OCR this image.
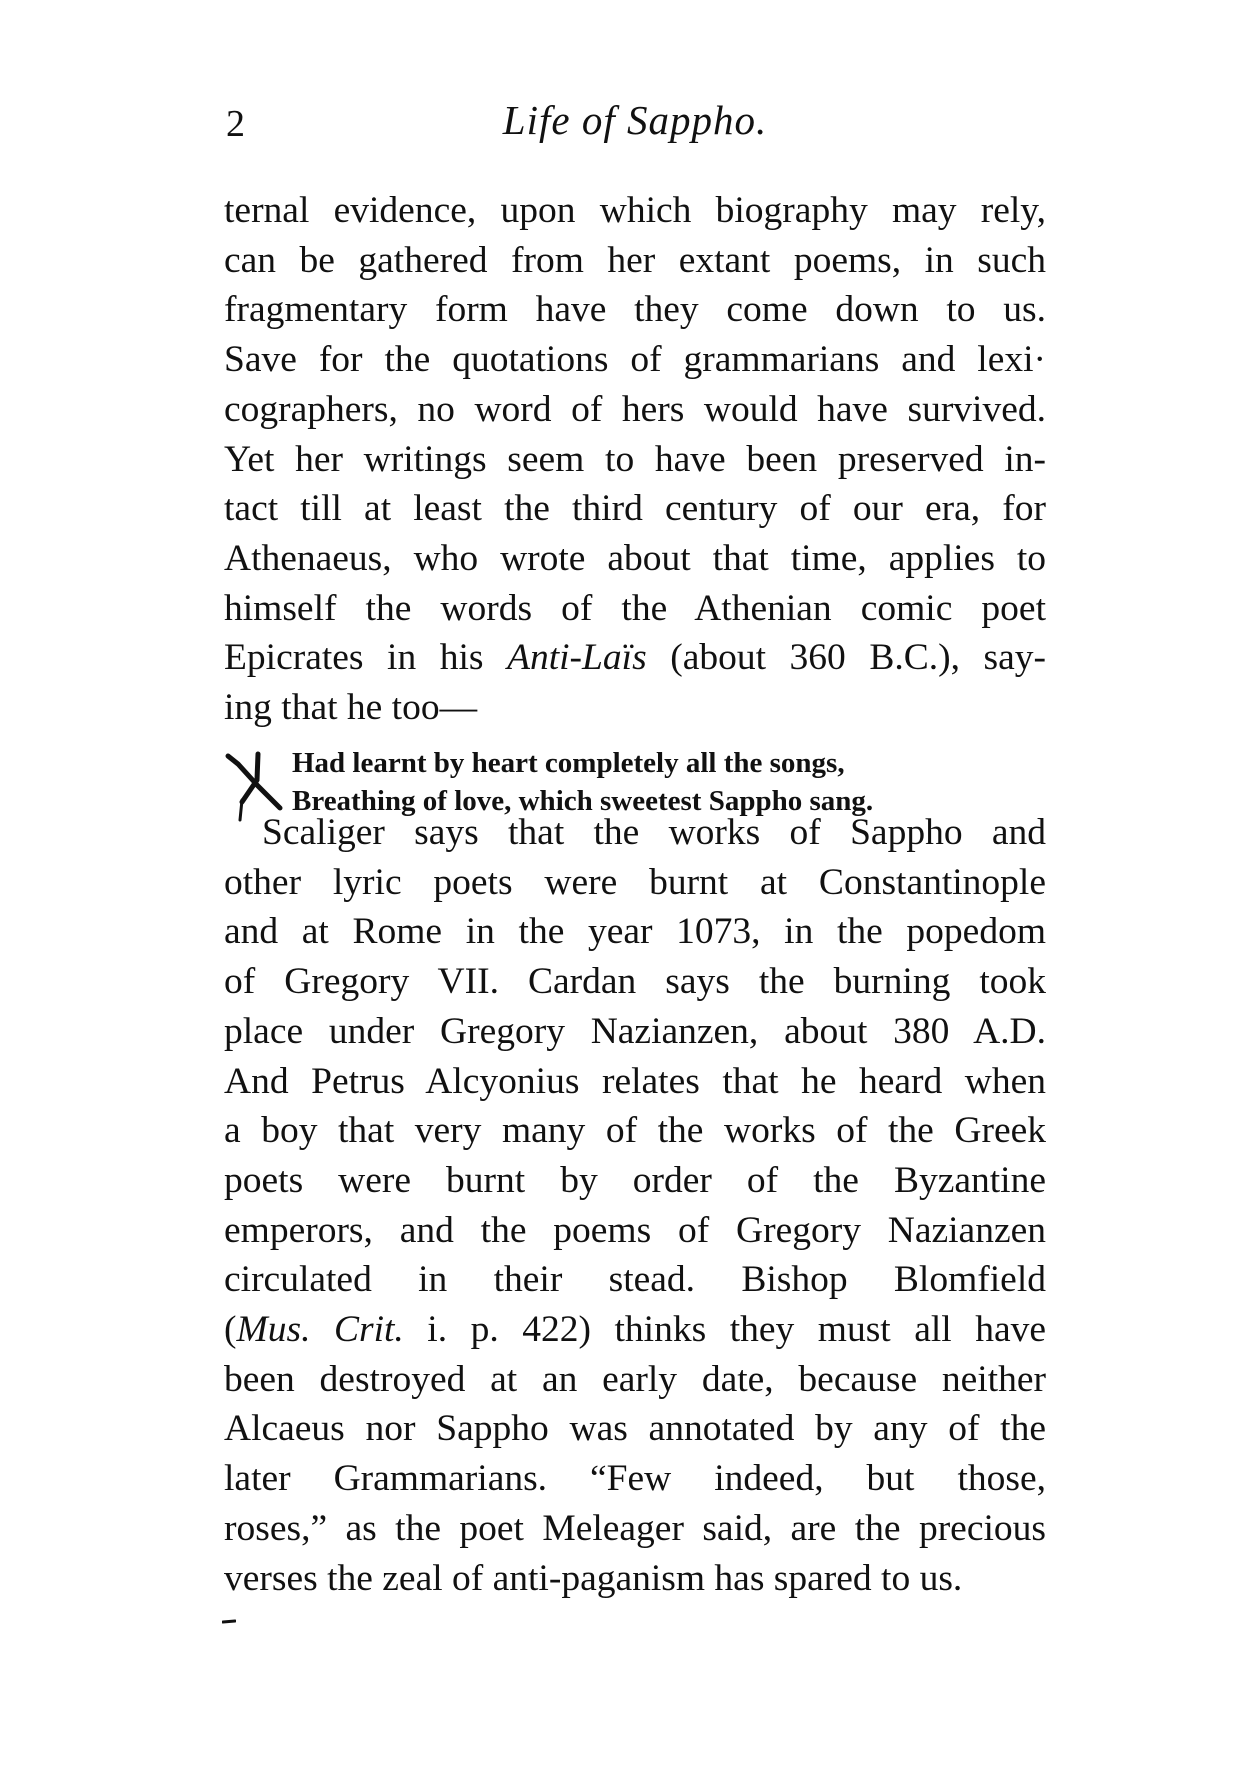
2	Life of Sappho.
ternal evidence, upon which biography may rely,
can be gathered from her extant poems, in such
fragmentary form have they come down to us.
Save for the quotations of grammarians and lexi·
cographers, no word of hers would have survived.
Yet her writings seem to have been preserved in-
tact till at least the third century of our era, for
Athenaeus, who wrote about that time, applies to
himself the words of the Athenian comic poet
Epicrates in his Anti-Laïs (about 360 B.C.), say-
ing that he too—
Had learnt by heart completely all the songs,
Breathing of love, which sweetest Sappho sang.
Scaliger says that the works of Sappho and
other lyric poets were burnt at Constantinople
and at Rome in the year 1073, in the popedom
of Gregory VII. Cardan says the burning took
place under Gregory Nazianzen, about 380 A.D.
And Petrus Alcyonius relates that he heard when
a boy that very many of the works of the Greek
poets were burnt by order of the Byzantine
emperors, and the poems of Gregory Nazianzen
circulated in their stead. Bishop Blomfield
(Mus. Crit. i. p. 422) thinks they must all have
been destroyed at an early date, because neither
Alcaeus nor Sappho was annotated by any of the
later Grammarians. “Few indeed, but those,
roses,” as the poet Meleager said, are the precious
verses the zeal of anti-paganism has spared to us.
